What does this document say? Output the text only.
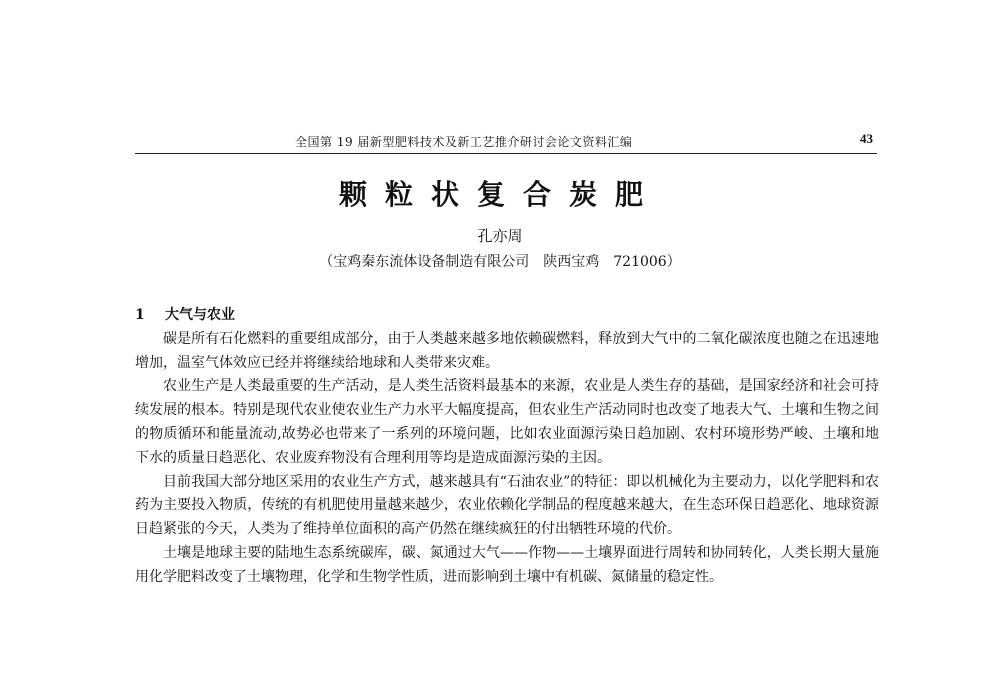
全国第 19 届新型肥料技术及新工艺推介研讨会论文资料汇编	43
颗粒状复合炭肥
孔亦周
（宝鸡秦东流体设备制造有限公司　陕西宝鸡　721006）

1 大气与农业

碳是所有石化燃料的重要组成部分，由于人类越来越多地依赖碳燃料，释放到大气中的二氧化碳浓度也随之在迅速地增加，温室气体效应已经并将继续给地球和人类带来灾难。

农业生产是人类最重要的生产活动，是人类生活资料最基本的来源，农业是人类生存的基础，是国家经济和社会可持续发展的根本。特别是现代农业使农业生产力水平大幅度提高，但农业生产活动同时也改变了地表大气、土壤和生物之间的物质循环和能量流动,故势必也带来了一系列的环境问题，比如农业面源污染日趋加剧、农村环境形势严峻、土壤和地下水的质量日趋恶化、农业废弃物没有合理利用等均是造成面源污染的主因。

目前我国大部分地区采用的农业生产方式，越来越具有“石油农业”的特征：即以机械化为主要动力，以化学肥料和农药为主要投入物质，传统的有机肥使用量越来越少，农业依赖化学制品的程度越来越大，在生态环保日趋恶化、地球资源日趋紧张的今天，人类为了维持单位面积的高产仍然在继续疯狂的付出牺牲环境的代价。

土壤是地球主要的陆地生态系统碳库，碳、氮通过大气——作物——土壤界面进行周转和协同转化，人类长期大量施用化学肥料改变了土壤物理，化学和生物学性质，进而影响到土壤中有机碳、氮储量的稳定性。
